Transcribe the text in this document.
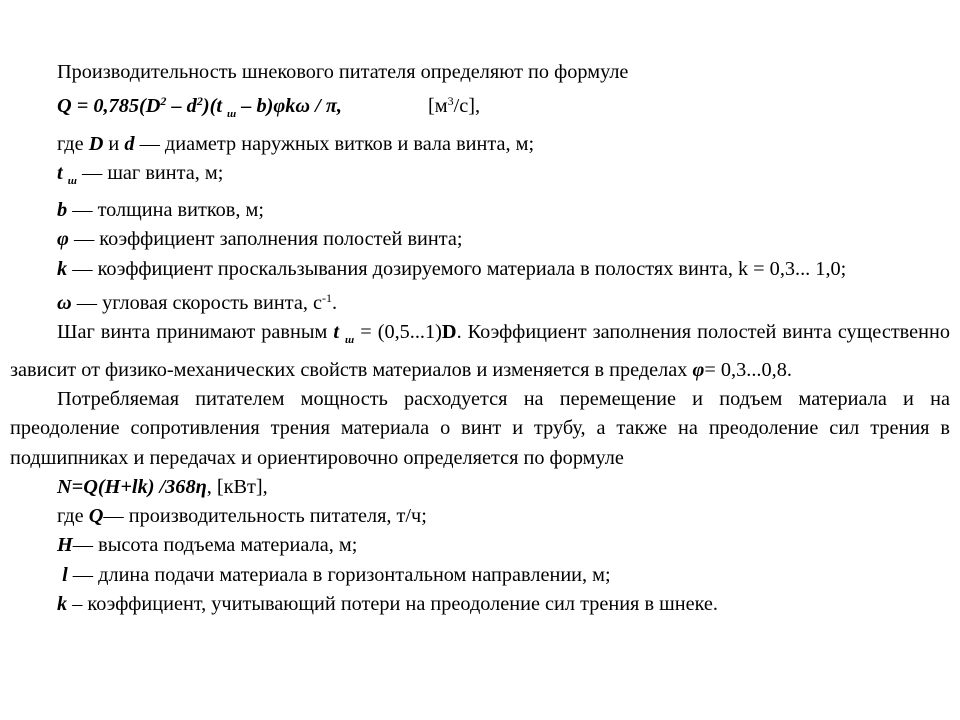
Производительность шнекового питателя определяют по формуле

$Q = 0,785(D^2 - d^2)(t$ $_ш$ – b)φkω / π,	$[м^3/с]$,

где D и d — диаметр наружных витков и вала винта, м;

t $_ш$ — шаг винта, м;

b — толщина витков, м;

φ — коэффициент заполнения полостей винта;

k — коэффициент проскальзывания дозируемого материала в полостях винта, k = 0,3... 1,0;

ω — угловая скорость винта, $с^{-1}$.

Шаг винта принимают равным t $_ш$ = (0,5...1)D. Коэффициент заполнения полостей винта существенно зависит от физико-механических свойств материалов и изменяется в пределах φ= 0,3...0,8.

Потребляемая питателем мощность расходуется на перемещение и подъем материала и на преодоление сопротивления трения материала о винт и трубу, а также на преодоление сил трения в подшипниках и передачах и ориентировочно определяется по формуле

N=Q(H+lk) /368η, [кВт],

где Q— производительность питателя, т/ч;

H— высота подъема материала, м;

l — длина подачи материала в горизонтальном направлении, м;

k – коэффициент, учитывающий потери на преодоление сил трения в шнеке.
